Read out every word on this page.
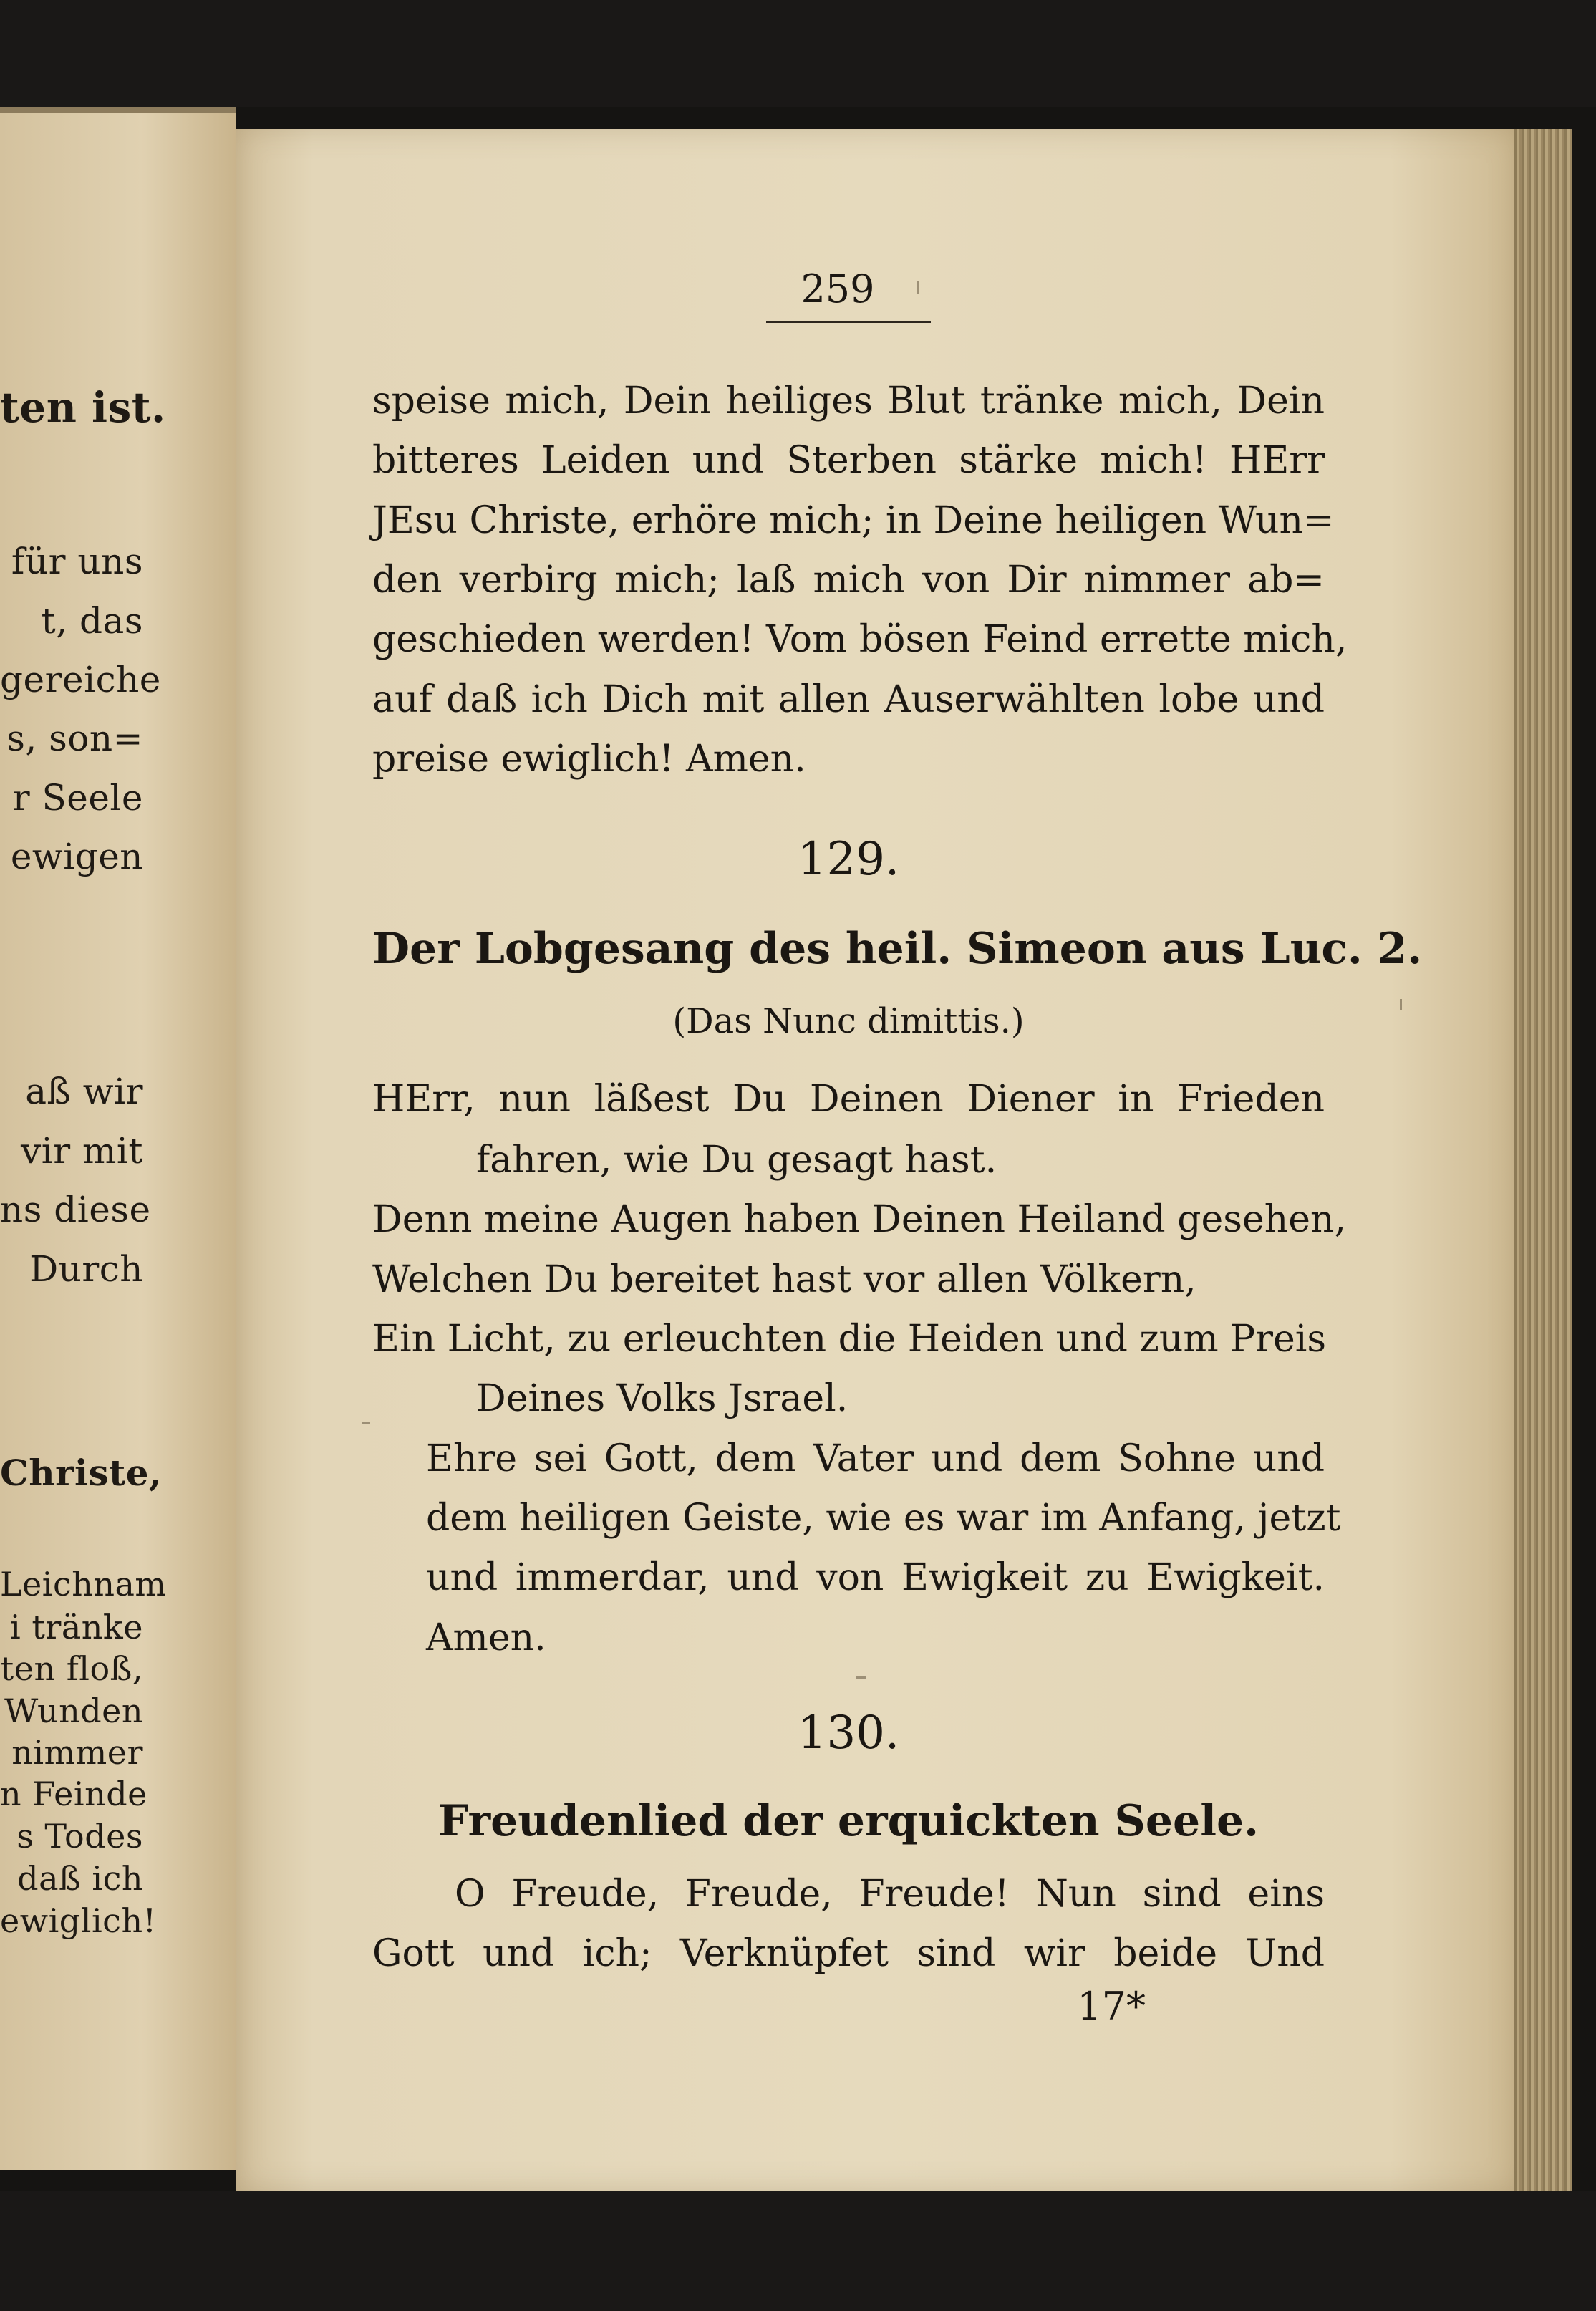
ten ist.
für uns
t, das
gereiche
s, son=
r Seele
ewigen
aß wir
vir mit
ns diese
Durch
Christe,
Leichnam
i tränke
ten floß,
Wunden
nimmer
n Feinde
s Todes
daß ich
ewiglich!
259
speise mich, Dein heiliges Blut tränke mich, Dein
bitteres Leiden und Sterben stärke mich! HErr
JEsu Christe, erhöre mich; in Deine heiligen Wun=
den verbirg mich; laß mich von Dir nimmer ab=
geschieden werden! Vom bösen Feind errette mich,
auf daß ich Dich mit allen Auserwählten lobe und
preise ewiglich! Amen.
129.
Der Lobgesang des heil. Simeon aus Luc. 2.
(Das Nunc dimittis.)
HErr, nun läßest Du Deinen Diener in Frieden
fahren, wie Du gesagt hast.
Denn meine Augen haben Deinen Heiland gesehen,
Welchen Du bereitet hast vor allen Völkern,
Ein Licht, zu erleuchten die Heiden und zum Preis
Deines Volks Jsrael.
Ehre sei Gott, dem Vater und dem Sohne und
dem heiligen Geiste, wie es war im Anfang, jetzt
und immerdar, und von Ewigkeit zu Ewigkeit.
Amen.
130.
Freudenlied der erquickten Seele.
O Freude, Freude, Freude! Nun sind eins
Gott und ich; Verknüpfet sind wir beide Und
17*
